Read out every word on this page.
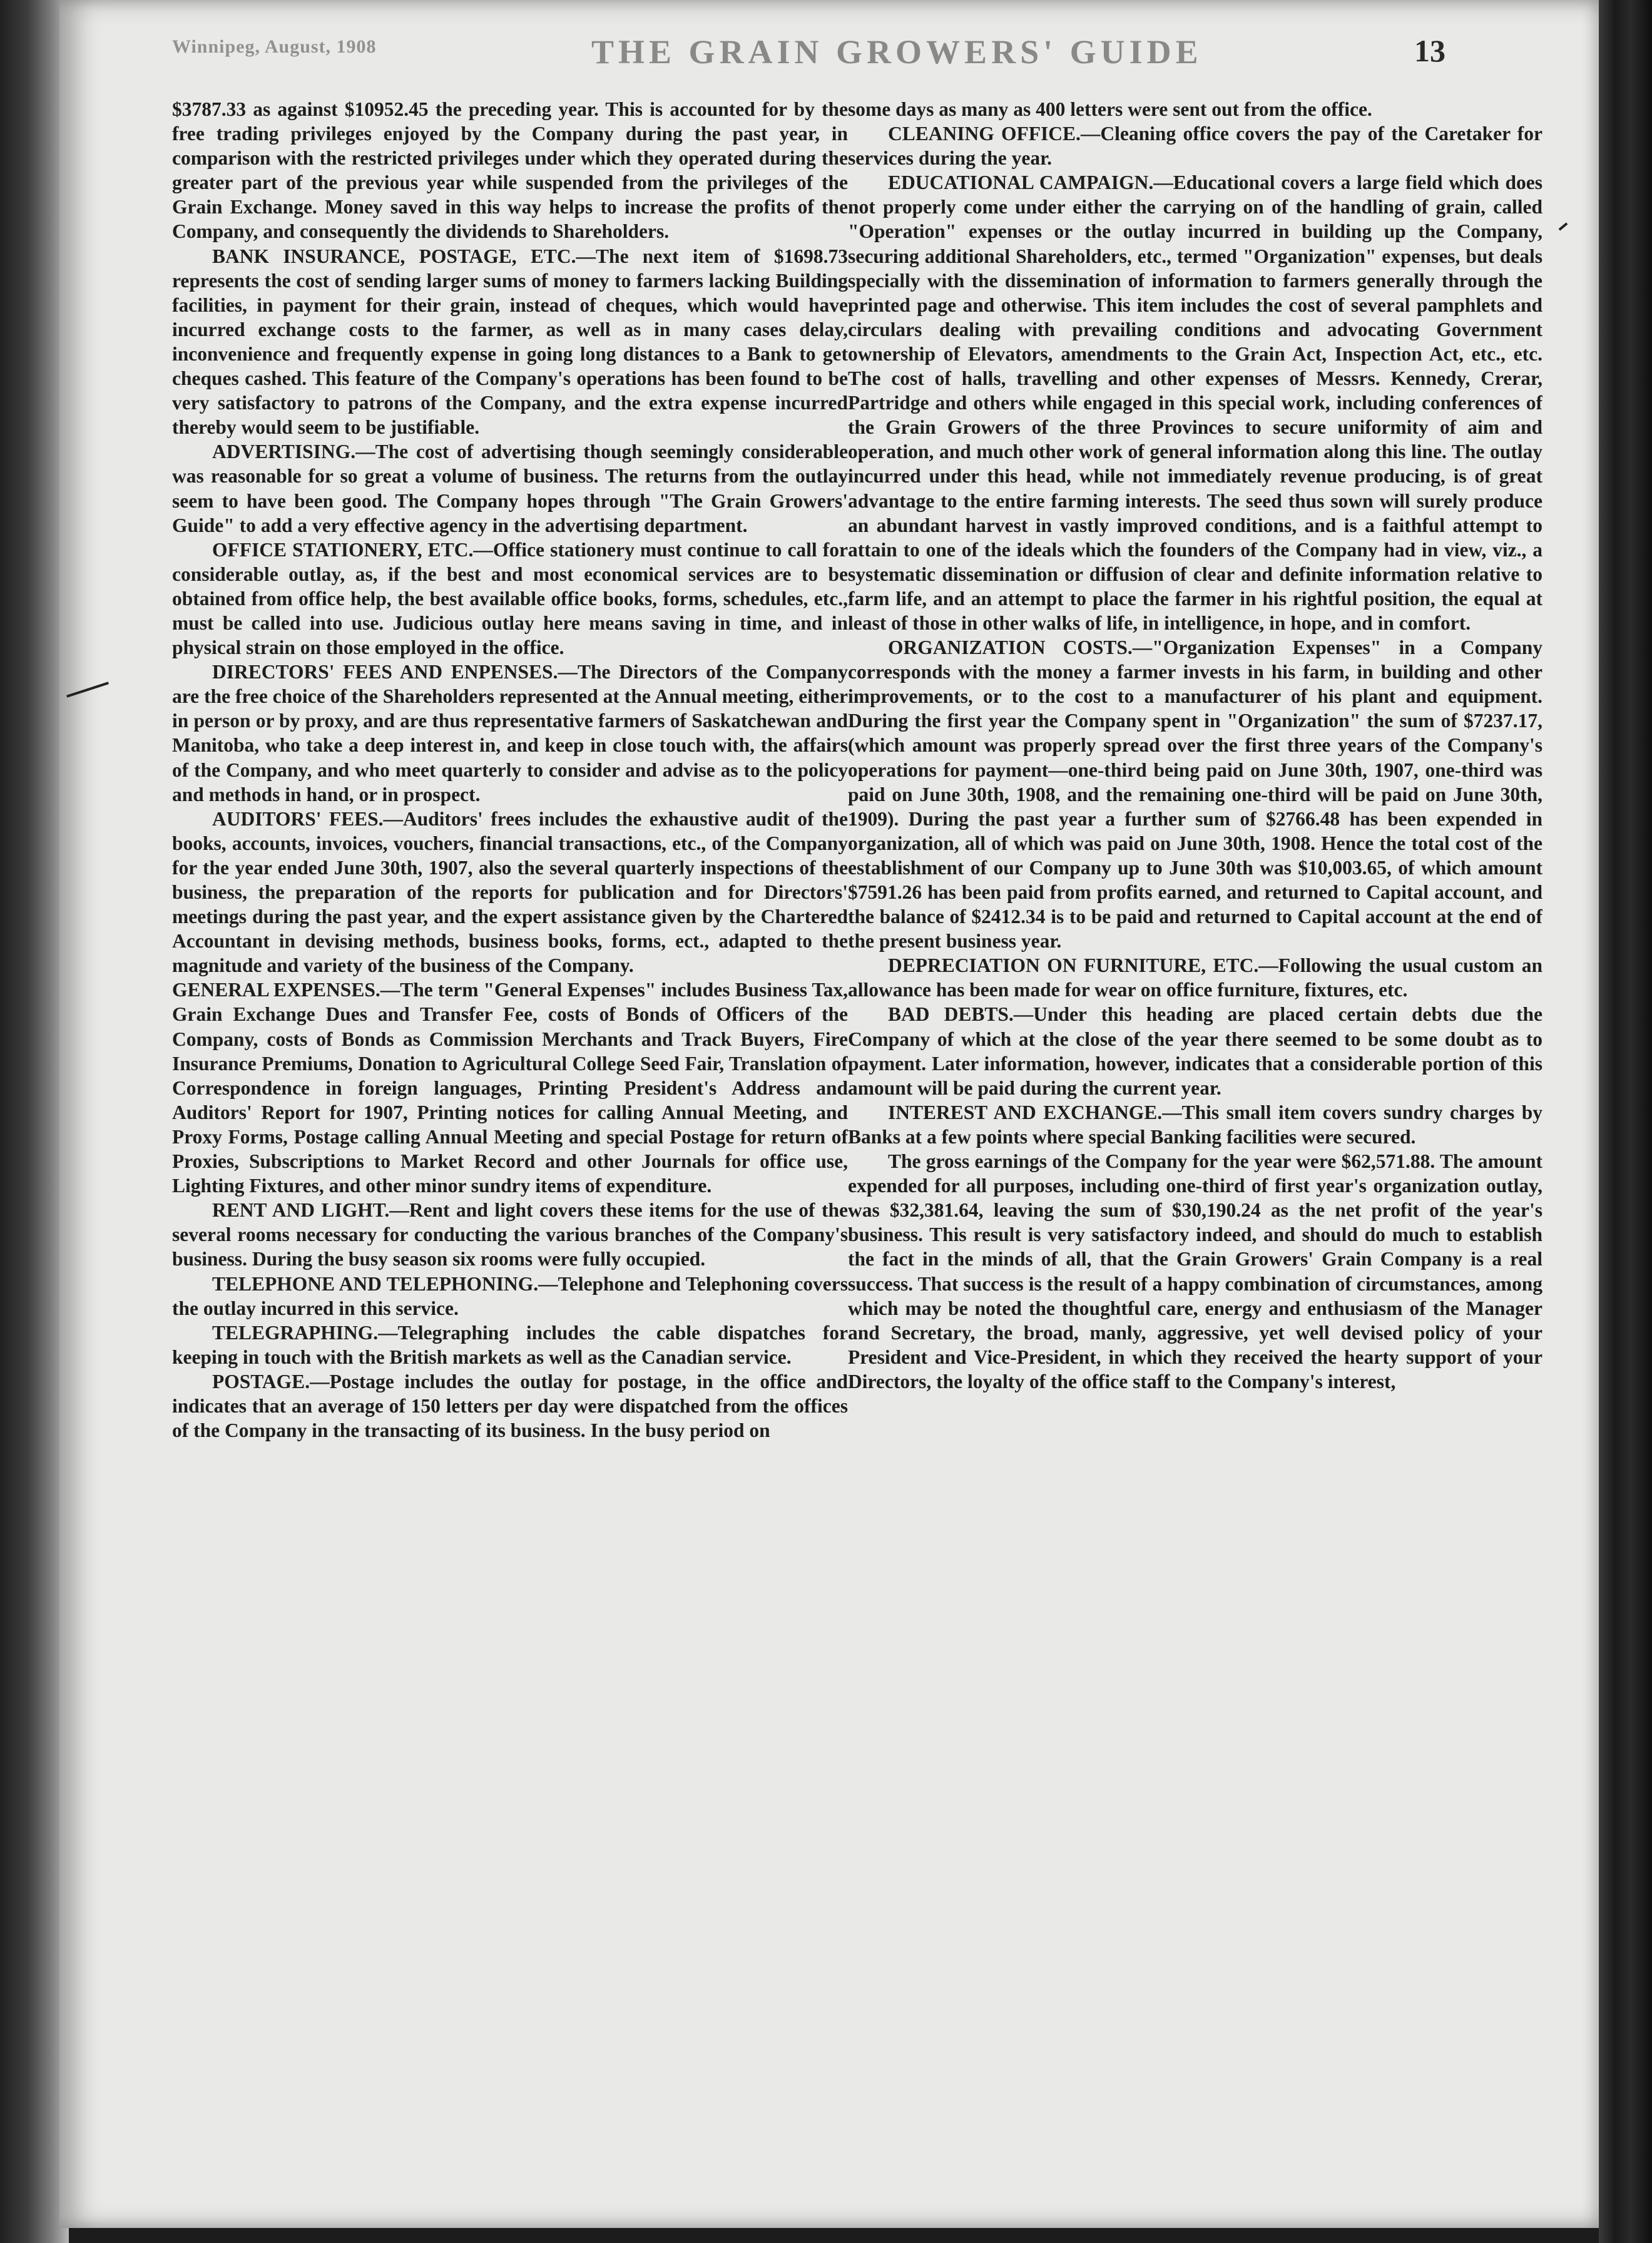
Winnipeg, August, 1908	THE GRAIN GROWERS' GUIDE	13

$3787.33 as against $10952.45 the preceding year. This is accounted for by the free trading privileges enjoyed by the Company during the past year, in comparison with the restricted privileges under which they operated during the greater part of the previous year while suspended from the privileges of the Grain Exchange. Money saved in this way helps to increase the profits of the Company, and consequently the dividends to Shareholders.

BANK INSURANCE, POSTAGE, ETC.—The next item of $1698.73 represents the cost of sending larger sums of money to farmers lacking Building facilities, in payment for their grain, instead of cheques, which would have incurred exchange costs to the farmer, as well as in many cases delay, inconvenience and frequently expense in going long distances to a Bank to get cheques cashed. This feature of the Company's operations has been found to be very satisfactory to patrons of the Company, and the extra expense incurred thereby would seem to be justifiable.

ADVERTISING.—The cost of advertising though seemingly considerable was reasonable for so great a volume of business. The returns from the outlay seem to have been good. The Company hopes through "The Grain Growers' Guide" to add a very effective agency in the advertising department.

OFFICE STATIONERY, ETC.—Office stationery must continue to call for considerable outlay, as, if the best and most economical services are to be obtained from office help, the best available office books, forms, schedules, etc., must be called into use. Judicious outlay here means saving in time, and in physical strain on those employed in the office.

DIRECTORS' FEES AND ENPENSES.—The Directors of the Company are the free choice of the Shareholders represented at the Annual meeting, either in person or by proxy, and are thus representative farmers of Saskatchewan and Manitoba, who take a deep interest in, and keep in close touch with, the affairs of the Company, and who meet quarterly to consider and advise as to the policy and methods in hand, or in prospect.

AUDITORS' FEES.—Auditors' frees includes the exhaustive audit of the books, accounts, invoices, vouchers, financial transactions, etc., of the Company for the year ended June 30th, 1907, also the several quarterly inspections of the business, the preparation of the reports for publication and for Directors' meetings during the past year, and the expert assistance given by the Chartered Accountant in devising methods, business books, forms, ect., adapted to the magnitude and variety of the business of the Company.

GENERAL EXPENSES.—The term "General Expenses" includes Business Tax, Grain Exchange Dues and Transfer Fee, costs of Bonds of Officers of the Company, costs of Bonds as Commission Merchants and Track Buyers, Fire Insurance Premiums, Donation to Agricultural College Seed Fair, Translation of Correspondence in foreign languages, Printing President's Address and Auditors' Report for 1907, Printing notices for calling Annual Meeting, and Proxy Forms, Postage calling Annual Meeting and special Postage for return of Proxies, Subscriptions to Market Record and other Journals for office use, Lighting Fixtures, and other minor sundry items of expenditure.

RENT AND LIGHT.—Rent and light covers these items for the use of the several rooms necessary for conducting the various branches of the Company's business. During the busy season six rooms were fully occupied.

TELEPHONE AND TELEPHONING.—Telephone and Telephoning covers the outlay incurred in this service.

TELEGRAPHING.—Telegraphing includes the cable dispatches for keeping in touch with the British markets as well as the Canadian service.

POSTAGE.—Postage includes the outlay for postage, in the office and indicates that an average of 150 letters per day were dispatched from the offices of the Company in the transacting of its business. In the busy period on

some days as many as 400 letters were sent out from the office.

CLEANING OFFICE.—Cleaning office covers the pay of the Caretaker for services during the year.

EDUCATIONAL CAMPAIGN.—Educational covers a large field which does not properly come under either the carrying on of the handling of grain, called "Operation" expenses or the outlay incurred in building up the Company, securing additional Shareholders, etc., termed "Organization" expenses, but deals specially with the dissemination of information to farmers generally through the printed page and otherwise. This item includes the cost of several pamphlets and circulars dealing with prevailing conditions and advocating Government ownership of Elevators, amendments to the Grain Act, Inspection Act, etc., etc. The cost of halls, travelling and other expenses of Messrs. Kennedy, Crerar, Partridge and others while engaged in this special work, including conferences of the Grain Growers of the three Provinces to secure uniformity of aim and operation, and much other work of general information along this line. The outlay incurred under this head, while not immediately revenue producing, is of great advantage to the entire farming interests. The seed thus sown will surely produce an abundant harvest in vastly improved conditions, and is a faithful attempt to attain to one of the ideals which the founders of the Company had in view, viz., a systematic dissemination or diffusion of clear and definite information relative to farm life, and an attempt to place the farmer in his rightful position, the equal at least of those in other walks of life, in intelligence, in hope, and in comfort.

ORGANIZATION COSTS.—"Organization Expenses" in a Company corresponds with the money a farmer invests in his farm, in building and other improvements, or to the cost to a manufacturer of his plant and equipment. During the first year the Company spent in "Organization" the sum of $7237.17, (which amount was properly spread over the first three years of the Company's operations for payment—one-third being paid on June 30th, 1907, one-third was paid on June 30th, 1908, and the remaining one-third will be paid on June 30th, 1909). During the past year a further sum of $2766.48 has been expended in organization, all of which was paid on June 30th, 1908. Hence the total cost of the establishment of our Company up to June 30th was $10,003.65, of which amount $7591.26 has been paid from profits earned, and returned to Capital account, and the balance of $2412.34 is to be paid and returned to Capital account at the end of the present business year.

DEPRECIATION ON FURNITURE, ETC.—Following the usual custom an allowance has been made for wear on office furniture, fixtures, etc.

BAD DEBTS.—Under this heading are placed certain debts due the Company of which at the close of the year there seemed to be some doubt as to payment. Later information, however, indicates that a considerable portion of this amount will be paid during the current year.

INTEREST AND EXCHANGE.—This small item covers sundry charges by Banks at a few points where special Banking facilities were secured.

The gross earnings of the Company for the year were $62,571.88. The amount expended for all purposes, including one-third of first year's organization outlay, was $32,381.64, leaving the sum of $30,190.24 as the net profit of the year's business. This result is very satisfactory indeed, and should do much to establish the fact in the minds of all, that the Grain Growers' Grain Company is a real success. That success is the result of a happy combination of circumstances, among which may be noted the thoughtful care, energy and enthusiasm of the Manager and Secretary, the broad, manly, aggressive, yet well devised policy of your President and Vice-President, in which they received the hearty support of your Directors, the loyalty of the office staff to the Company's interest,
